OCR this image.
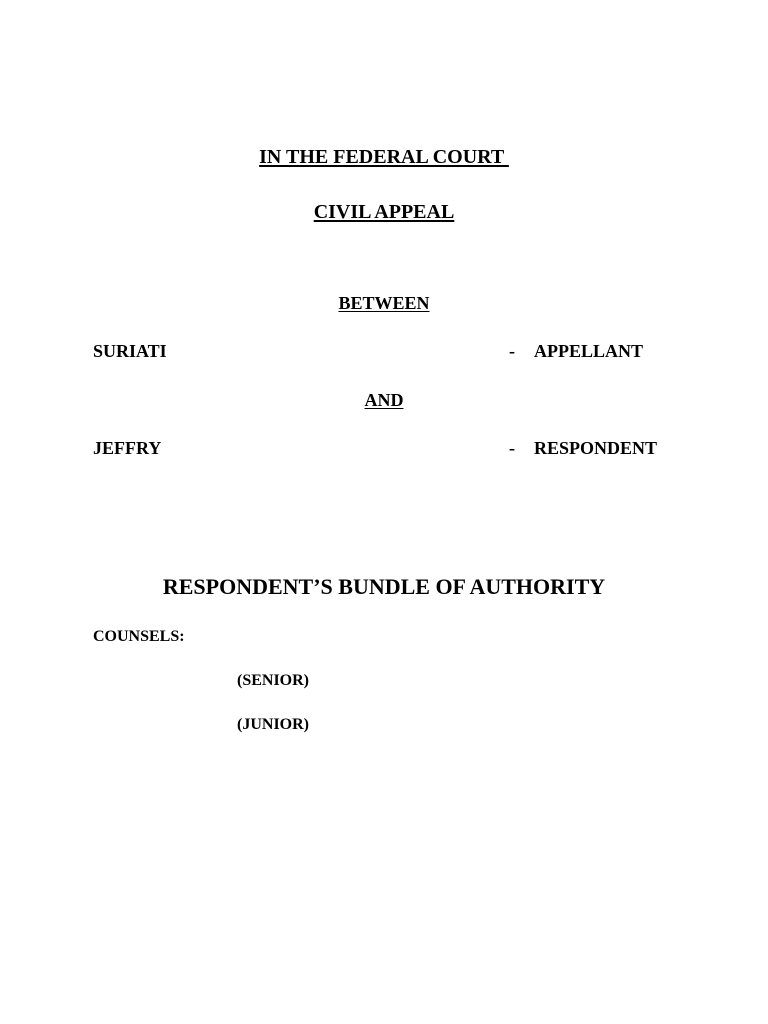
IN THE FEDERAL COURT
CIVIL APPEAL
BETWEEN
SURIATI	- APPELLANT
AND
JEFFRY	- RESPONDENT
RESPONDENT’S BUNDLE OF AUTHORITY
COUNSELS:
(SENIOR)
(JUNIOR)
